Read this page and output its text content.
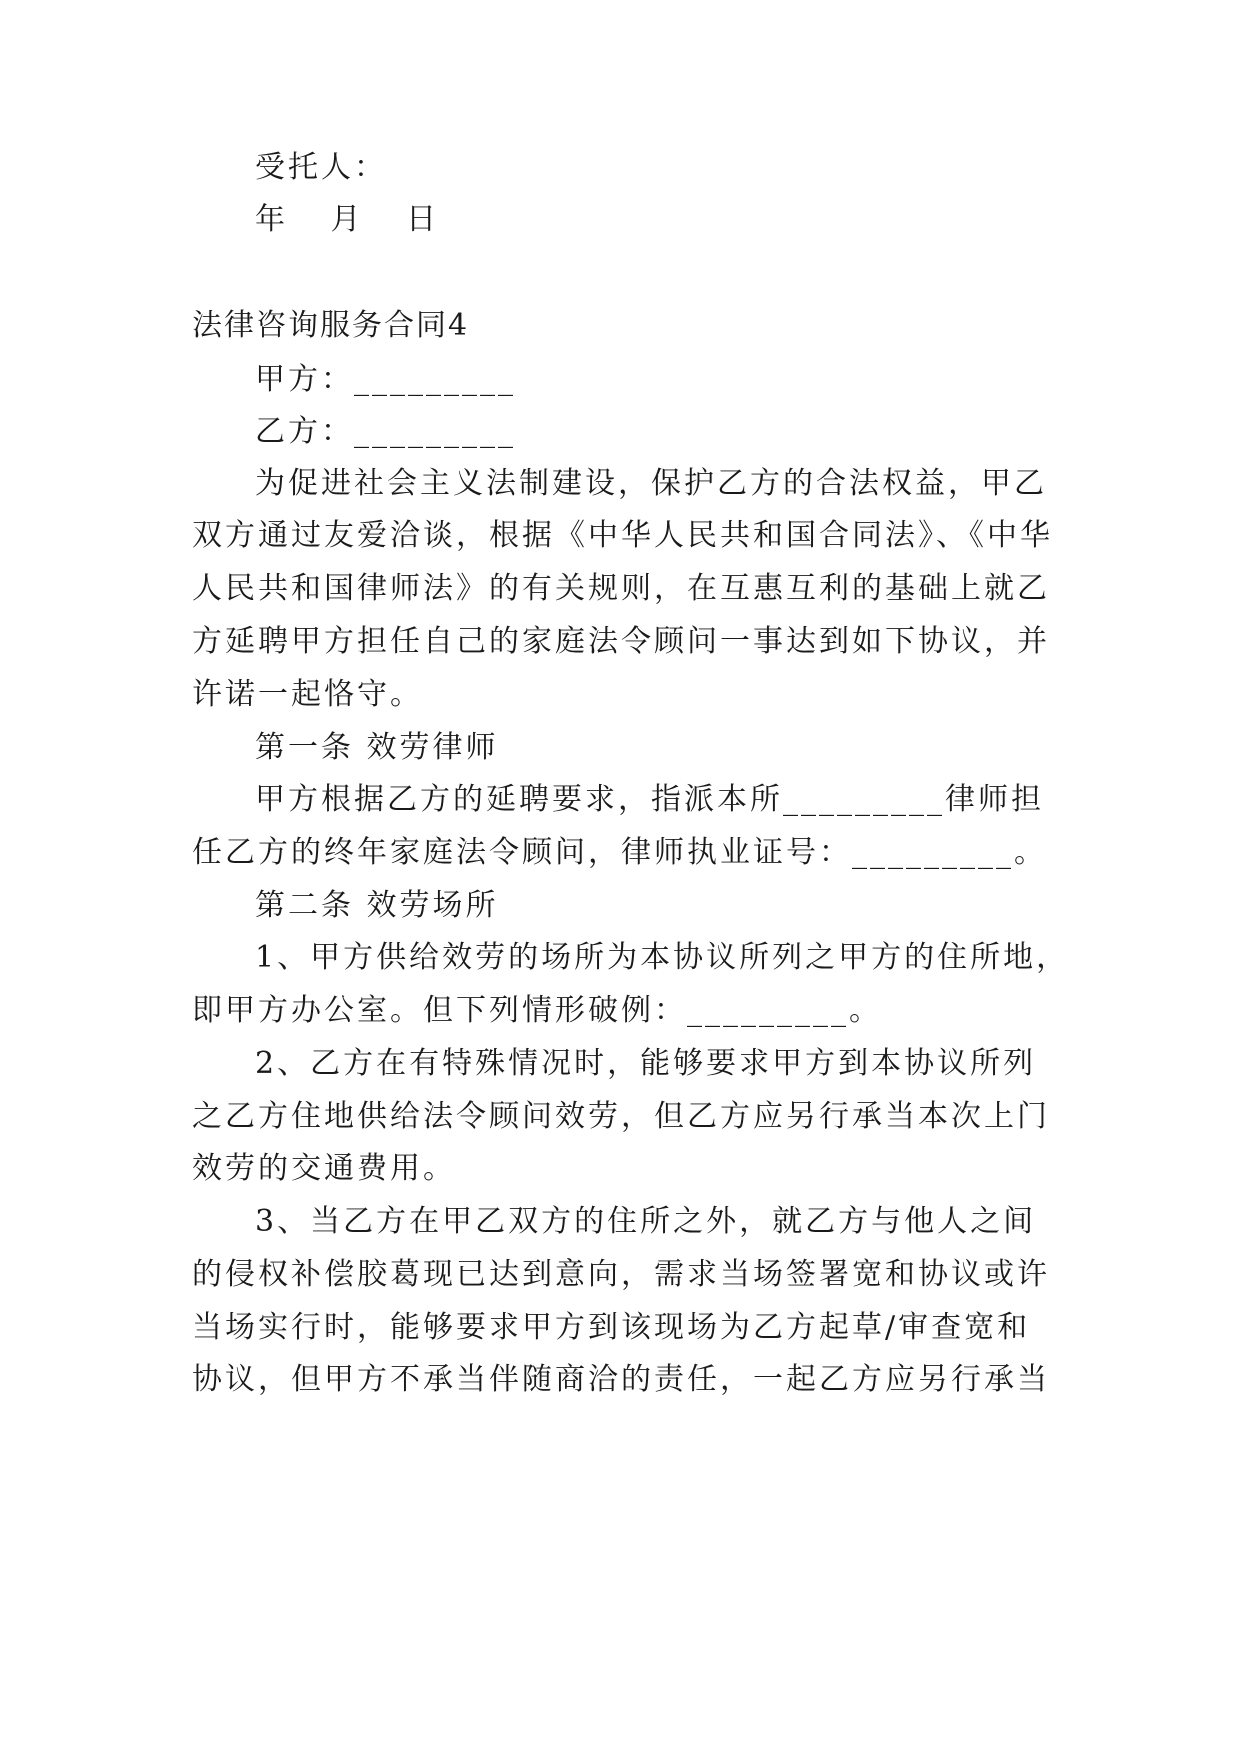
受托人：
年 月 日
法律咨询服务合同4
甲方：_________
乙方：_________
为促进社会主义法制建设，保护乙方的合法权益，甲乙
双方通过友爱洽谈，根据《中华人民共和国合同法》、《中华
人民共和国律师法》的有关规则，在互惠互利的基础上就乙
方延聘甲方担任自己的家庭法令顾问一事达到如下协议，并
许诺一起恪守。
第一条 效劳律师
甲方根据乙方的延聘要求，指派本所_________律师担
任乙方的终年家庭法令顾问，律师执业证号：_________。
第二条 效劳场所
1、甲方供给效劳的场所为本协议所列之甲方的住所地，
即甲方办公室。但下列情形破例：_________。
2、乙方在有特殊情况时，能够要求甲方到本协议所列
之乙方住地供给法令顾问效劳，但乙方应另行承当本次上门
效劳的交通费用。
3、当乙方在甲乙双方的住所之外，就乙方与他人之间
的侵权补偿胶葛现已达到意向，需求当场签署宽和协议或许
当场实行时，能够要求甲方到该现场为乙方起草/审查宽和
协议，但甲方不承当伴随商洽的责任，一起乙方应另行承当
